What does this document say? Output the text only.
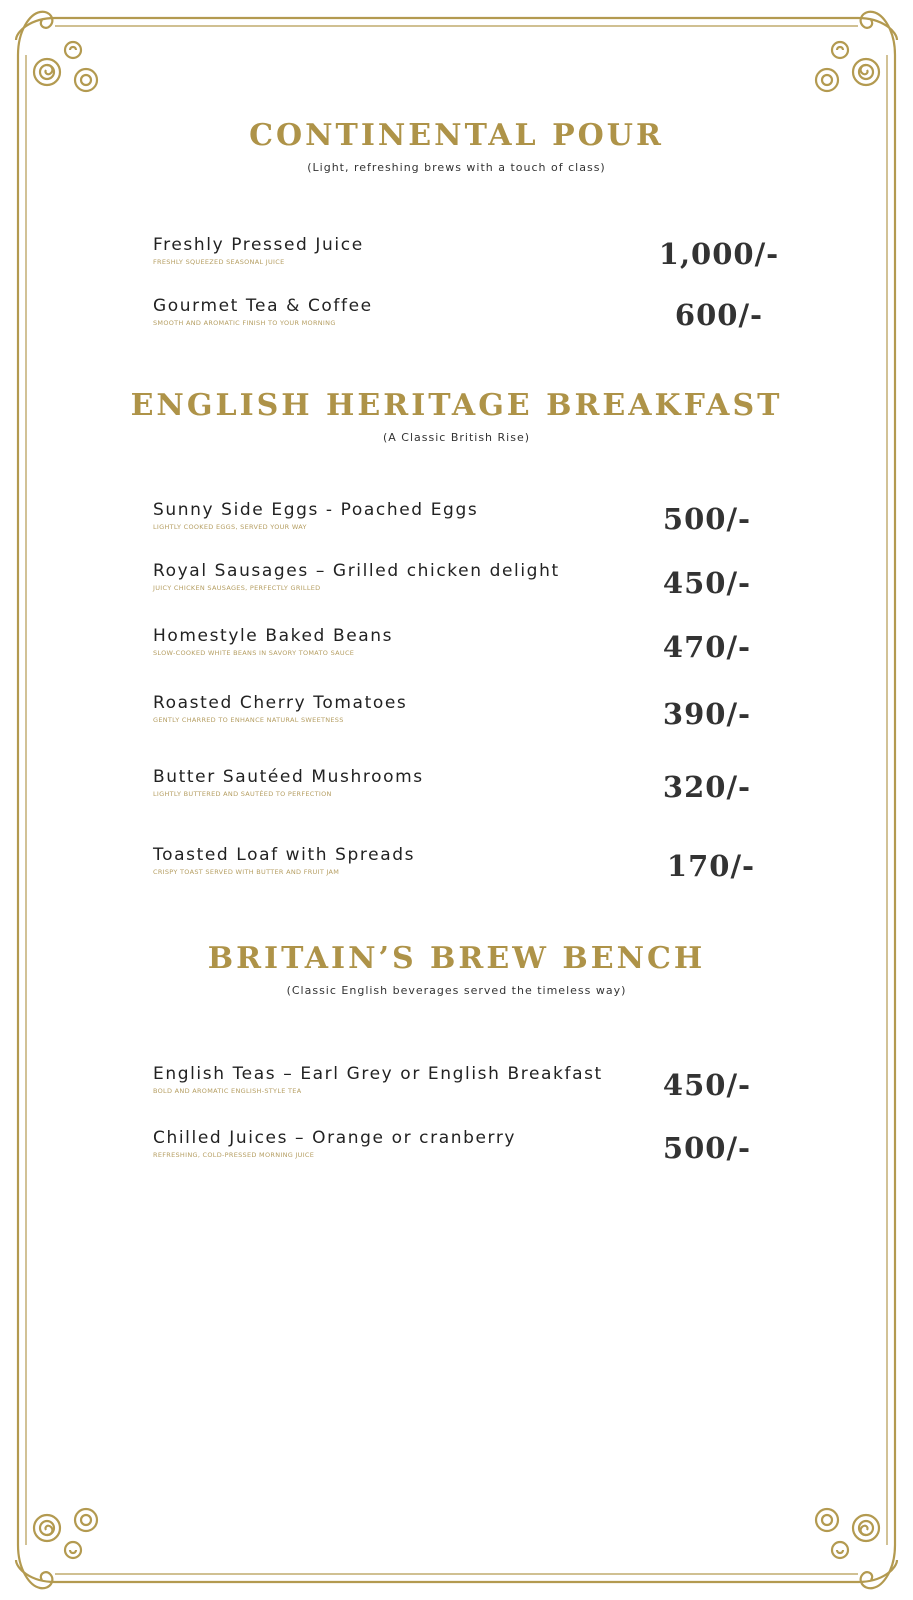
CONTINENTAL POUR
(Light, refreshing brews with a touch of class)
Freshly Pressed Juice
FRESHLY SQUEEZED SEASONAL JUICE	1,000/-
Gourmet Tea & Coffee
SMOOTH AND AROMATIC FINISH TO YOUR MORNING	600/-
ENGLISH HERITAGE BREAKFAST
(A Classic British Rise)
Sunny Side Eggs - Poached Eggs
LIGHTLY COOKED EGGS, SERVED YOUR WAY	500/-
Royal Sausages – Grilled chicken delight
JUICY CHICKEN SAUSAGES, PERFECTLY GRILLED	450/-
Homestyle Baked Beans
SLOW-COOKED WHITE BEANS IN SAVORY TOMATO SAUCE	470/-
Roasted Cherry Tomatoes
GENTLY CHARRED TO ENHANCE NATURAL SWEETNESS	390/-
Butter Sautéed Mushrooms
LIGHTLY BUTTERED AND SAUTÉED TO PERFECTION	320/-
Toasted Loaf with Spreads
CRISPY TOAST SERVED WITH BUTTER AND FRUIT JAM	170/-
BRITAIN’S BREW BENCH
(Classic English beverages served the timeless way)
English Teas – Earl Grey or English Breakfast
BOLD AND AROMATIC ENGLISH-STYLE TEA	450/-
Chilled Juices – Orange or cranberry
REFRESHING, COLD-PRESSED MORNING JUICE	500/-
